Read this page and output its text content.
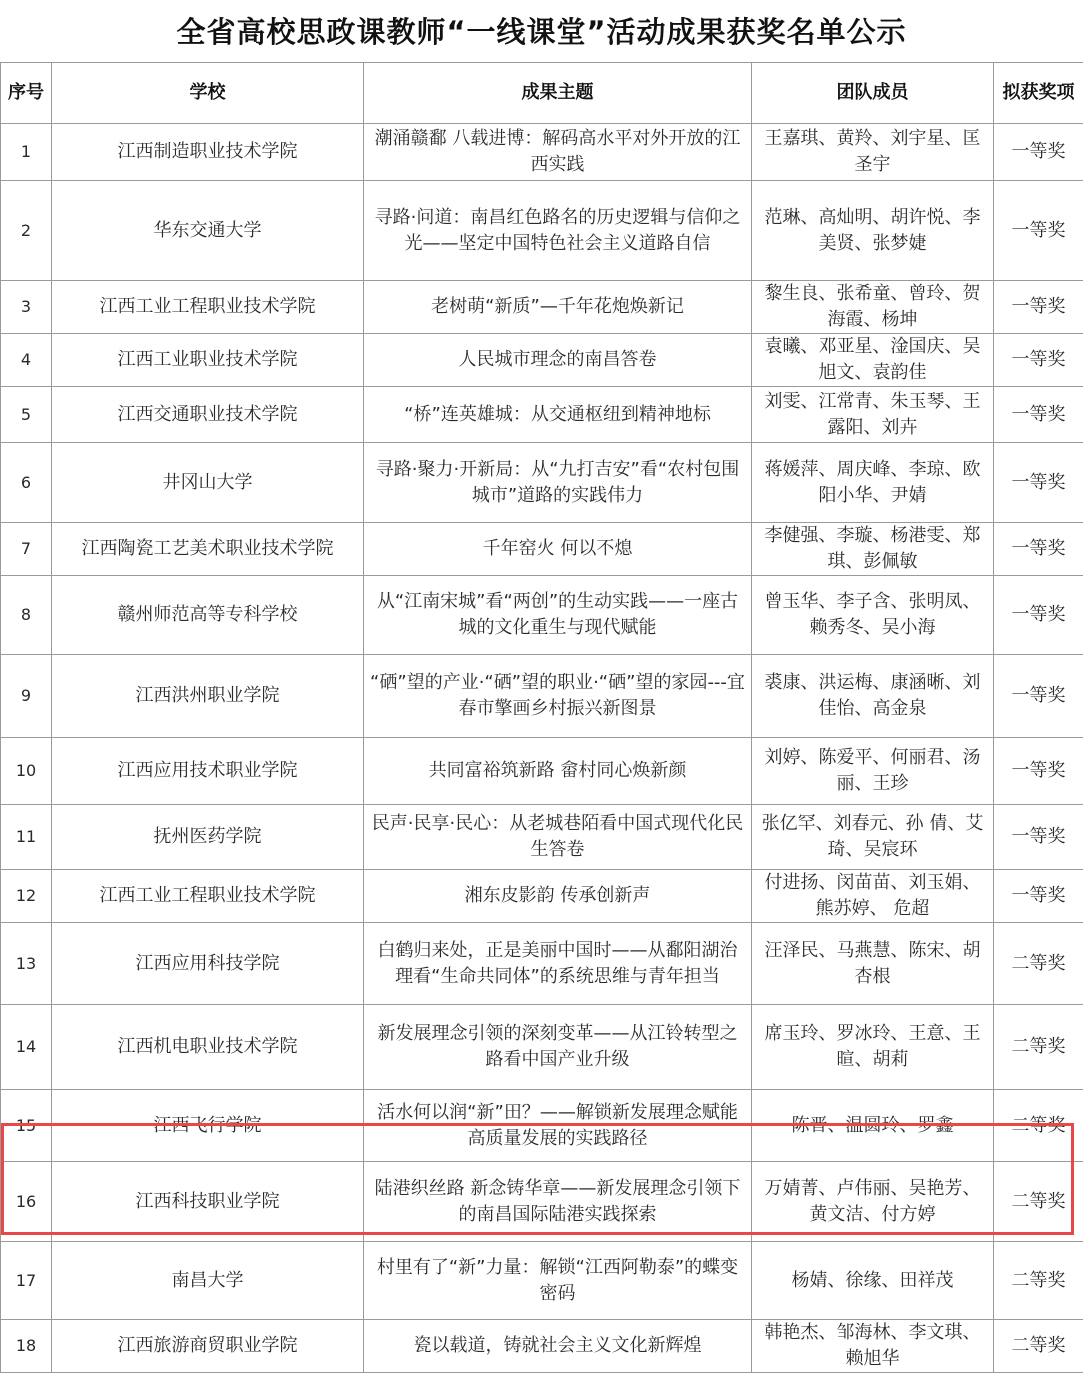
全省高校思政课教师“一线课堂”活动成果获奖名单公示
序号	学校	成果主题	团队成员	拟获奖项
1	江西制造职业技术学院	潮涌赣鄱 八载进博：解码高水平对外开放的江西实践	王嘉琪、黄羚、刘宇星、匡圣宇	一等奖
2	华东交通大学	寻路·问道：南昌红色路名的历史逻辑与信仰之光——坚定中国特色社会主义道路自信	范琳、高灿明、胡许悦、李美贤、张梦婕	一等奖
3	江西工业工程职业技术学院	老树萌“新质”—千年花炮焕新记	黎生良、张希童、曾玲、贺海霞、杨坤	一等奖
4	江西工业职业技术学院	人民城市理念的南昌答卷	袁曦、邓亚星、淦国庆、吴旭文、袁韵佳	一等奖
5	江西交通职业技术学院	“桥”连英雄城：从交通枢纽到精神地标	刘雯、江常青、朱玉琴、王露阳、刘卉	一等奖
6	井冈山大学	寻路·聚力·开新局：从“九打吉安”看“农村包围城市”道路的实践伟力	蒋媛萍、周庆峰、李琼、欧阳小华、尹婧	一等奖
7	江西陶瓷工艺美术职业技术学院	千年窑火 何以不熄	李健强、李璇、杨港雯、郑琪、彭佩敏	一等奖
8	赣州师范高等专科学校	从“江南宋城”看“两创”的生动实践——一座古城的文化重生与现代赋能	曾玉华、李子含、张明凤、赖秀冬、吴小海	一等奖
9	江西洪州职业学院	“硒”望的产业·“硒”望的职业·“硒”望的家园---宜春市擎画乡村振兴新图景	裘康、洪运梅、康涵晰、刘佳怡、高金泉	一等奖
10	江西应用技术职业学院	共同富裕筑新路 畲村同心焕新颜	刘婷、陈爱平、何丽君、汤丽、王珍	一等奖
11	抚州医药学院	民声·民享·民心：从老城巷陌看中国式现代化民生答卷	张亿罕、刘春元、孙 倩、艾 琦、吴宸环	一等奖
12	江西工业工程职业技术学院	湘东皮影韵 传承创新声	付进扬、闵苗苗、刘玉娟、熊苏婷、 危超	一等奖
13	江西应用科技学院	白鹤归来处，正是美丽中国时——从鄱阳湖治理看“生命共同体”的系统思维与青年担当	汪泽民、马燕慧、陈宋、胡杏根	二等奖
14	江西机电职业技术学院	新发展理念引领的深刻变革——从江铃转型之路看中国产业升级	席玉玲、罗冰玲、王意、王暄、胡莉	二等奖
15	江西飞行学院	活水何以润“新”田？——解锁新发展理念赋能高质量发展的实践路径	陈晋、温圆玲、罗鑫	二等奖
16	江西科技职业学院	陆港织丝路 新念铸华章——新发展理念引领下的南昌国际陆港实践探索	万婧菁、卢伟丽、吴艳芳、黄文洁、付方婷	二等奖
17	南昌大学	村里有了“新”力量：解锁“江西阿勒泰”的蝶变密码	杨婧、徐缘、田祥茂	二等奖
18	江西旅游商贸职业学院	瓷以载道，铸就社会主义文化新辉煌	韩艳杰、邹海林、李文琪、赖旭华	二等奖
